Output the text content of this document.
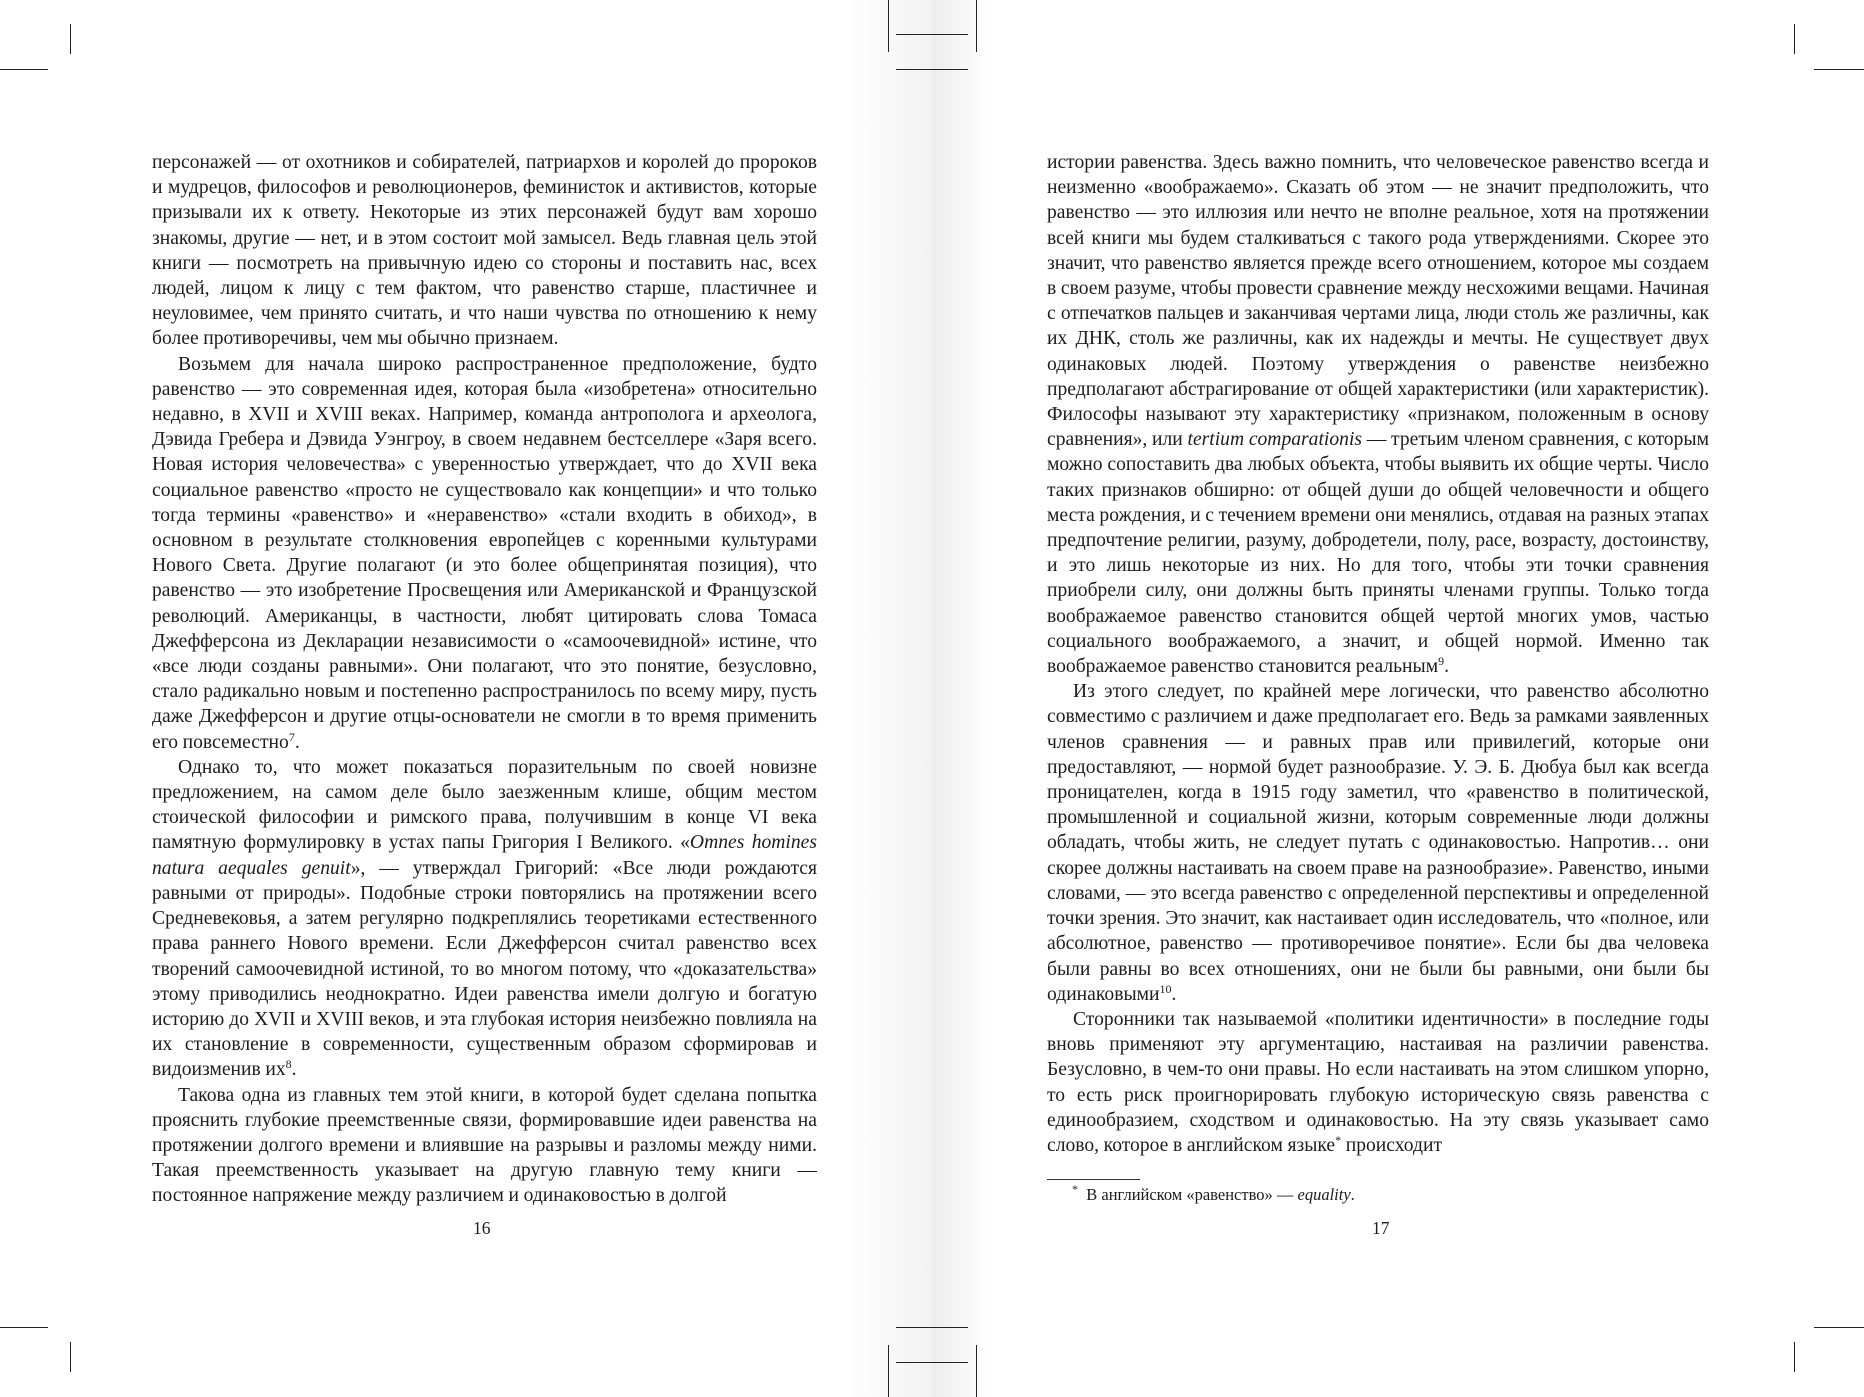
персонажей — от охотников и собирателей, патриархов и королей до пророков и мудрецов, философов и революционеров, феминисток и активистов, которые призывали их к ответу. Некоторые из этих персонажей будут вам хорошо знакомы, другие — нет, и в этом состоит мой замысел. Ведь главная цель этой книги — посмотреть на привычную идею со стороны и поставить нас, всех людей, лицом к лицу с тем фактом, что равенство старше, пластичнее и неуловимее, чем принято считать, и что наши чувства по отношению к нему более противоречивы, чем мы обычно признаем.

Возьмем для начала широко распространенное предположение, будто равенство — это современная идея, которая была «изобретена» относительно недавно, в XVII и XVIII веках. Например, команда антрополога и археолога, Дэвида Гребера и Дэвида Уэнгроу, в своем недавнем бестселлере «Заря всего. Новая история человечества» с уверенностью утверждает, что до XVII века социальное равенство «просто не существовало как концепции» и что только тогда термины «равенство» и «неравенство» «стали входить в обиход», в основном в результате столкновения европейцев с коренными культурами Нового Света. Другие полагают (и это более общепринятая позиция), что равенство — это изобретение Просвещения или Американской и Французской революций. Американцы, в частности, любят цитировать слова Томаса Джефферсона из Декларации независимости о «самоочевидной» истине, что «все люди созданы равными». Они полагают, что это понятие, безусловно, стало радикально новым и постепенно распространилось по всему миру, пусть даже Джефферсон и другие отцы-основатели не смогли в то время применить его повсеместно$^7$.

Однако то, что может показаться поразительным по своей новизне предложением, на самом деле было заезженным клише, общим местом стоической философии и римского права, получившим в конце VI века памятную формулировку в устах папы Григория I Великого. «Omnes homines natura aequales genuit», — утверждал Григорий: «Все люди рождаются равными от природы». Подобные строки повторялись на протяжении всего Средневековья, а затем регулярно подкреплялись теоретиками естественного права раннего Нового времени. Если Джефферсон считал равенство всех творений самоочевидной истиной, то во многом потому, что «доказательства» этому приводились неоднократно. Идеи равенства имели долгую и богатую историю до XVII и XVIII веков, и эта глубокая история неизбежно повлияла на их становление в современности, существенным образом сформировав и видоизменив $их^8$.

Такова одна из главных тем этой книги, в которой будет сделана попытка прояснить глубокие преемственные связи, формировавшие идеи равенства на протяжении долгого времени и влиявшие на разрывы и разломы между ними. Такая преемственность указывает на другую главную тему книги — постоянное напряжение между различием и одинаковостью в долгой

16

истории равенства. Здесь важно помнить, что человеческое равенство всегда и неизменно «воображаемо». Сказать об этом — не значит предположить, что равенство — это иллюзия или нечто не вполне реальное, хотя на протяжении всей книги мы будем сталкиваться с такого рода утверждениями. Скорее это значит, что равенство является прежде всего отношением, которое мы создаем в своем разуме, чтобы провести сравнение между несхожими вещами. Начиная с отпечатков пальцев и заканчивая чертами лица, люди столь же различны, как их ДНК, столь же различны, как их надежды и мечты. Не существует двух одинаковых людей. Поэтому утверждения о равенстве неизбежно предполагают абстрагирование от общей характеристики (или характеристик). Философы называют эту характеристику «признаком, положенным в основу сравнения», или tertium comparationis — третьим членом сравнения, с которым можно сопоставить два любых объекта, чтобы выявить их общие черты. Число таких признаков обширно: от общей души до общей человечности и общего места рождения, и с течением времени они менялись, отдавая на разных этапах предпочтение религии, разуму, добродетели, полу, расе, возрасту, достоинству, и это лишь некоторые из них. Но для того, чтобы эти точки сравнения приобрели силу, они должны быть приняты членами группы. Только тогда воображаемое равенство становится общей чертой многих умов, частью социального воображаемого, а значит, и общей нормой. Именно так воображаемое равенство становится реальным$^9$.

Из этого следует, по крайней мере логически, что равенство абсолютно совместимо с различием и даже предполагает его. Ведь за рамками заявленных членов сравнения — и равных прав или привилегий, которые они предоставляют, — нормой будет разнообразие. У. Э. Б. Дюбуа был как всегда проницателен, когда в 1915 году заметил, что «равенство в политической, промышленной и социальной жизни, которым современные люди должны обладать, чтобы жить, не следует путать с одинаковостью. Напротив… они скорее должны настаивать на своем праве на разнообразие». Равенство, иными словами, — это всегда равенство с определенной перспективы и определенной точки зрения. Это значит, как настаивает один исследователь, что «полное, или абсолютное, равенство — противоречивое понятие». Если бы два человека были равны во всех отношениях, они не были бы равными, они были бы одинаковыми$^{10}$.

Сторонники так называемой «политики идентичности» в последние годы вновь применяют эту аргументацию, настаивая на различии равенства. Безусловно, в чем-то они правы. Но если настаивать на этом слишком упорно, то есть риск проигнорировать глубокую историческую связь равенства с единообразием, сходством и одинаковостью. На эту связь указывает само слово, которое в английском языке* происходит

* В английском «равенство» — equality.

17
